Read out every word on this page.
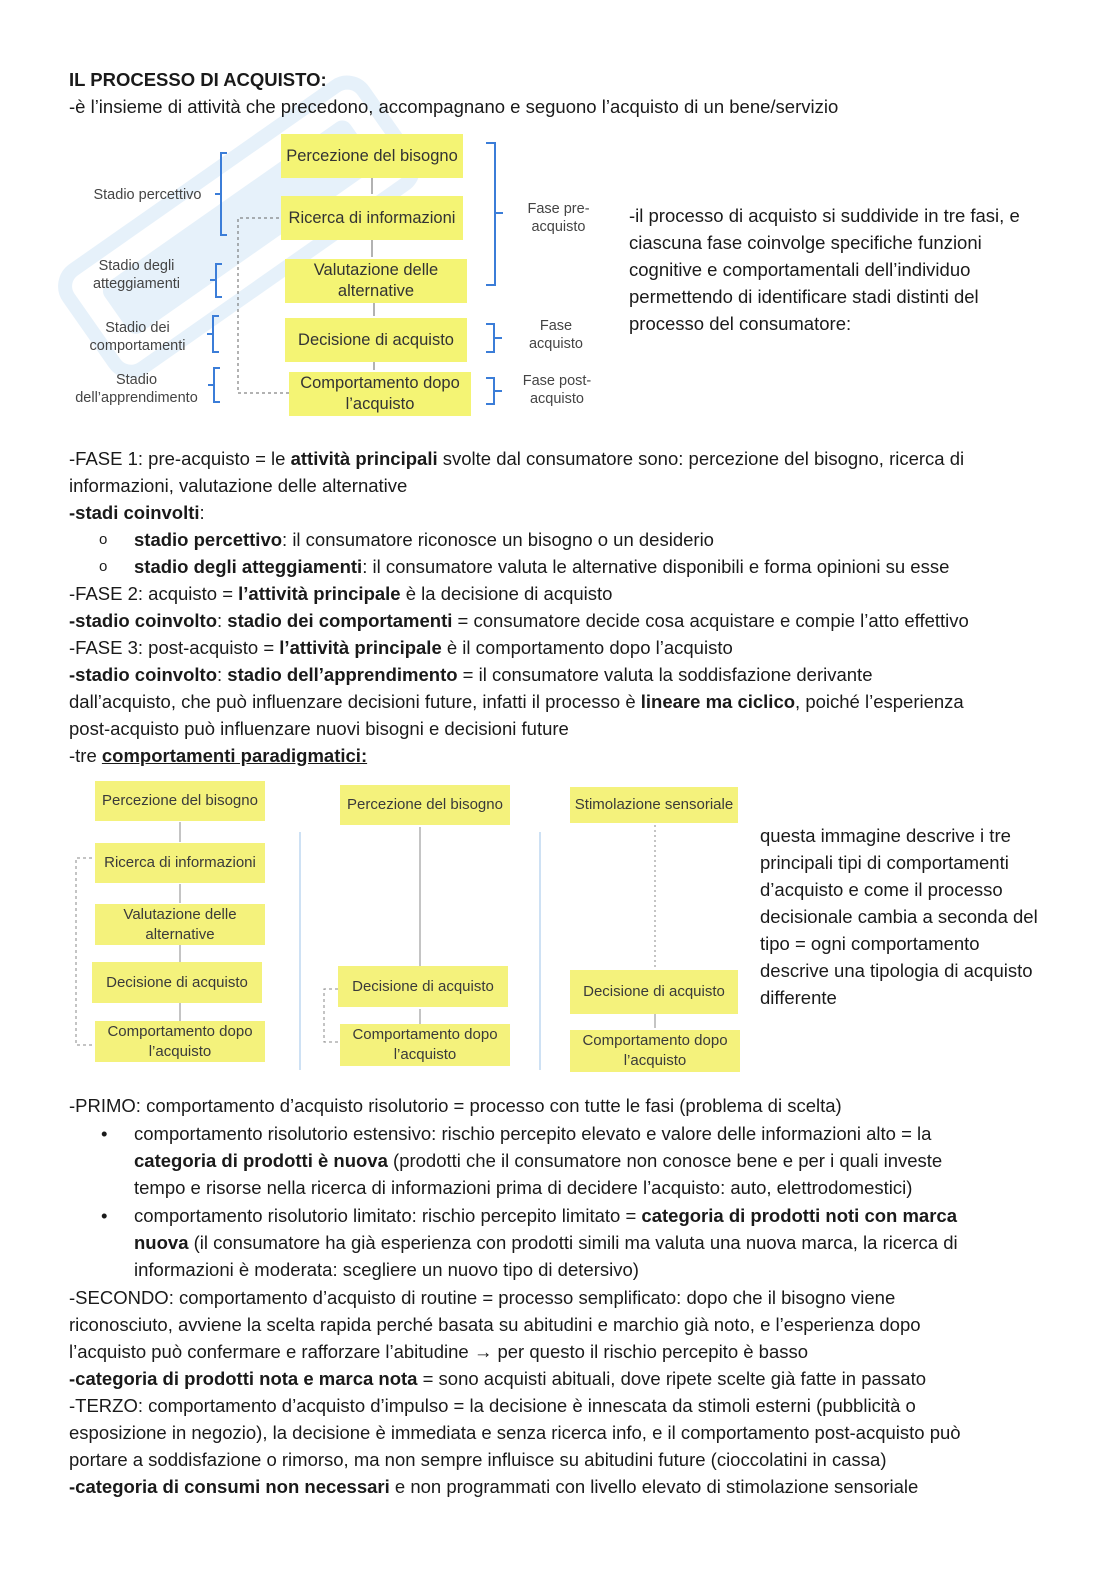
IL PROCESSO DI ACQUISTO:
-è l’insieme di attività che precedono, accompagnano e seguono l’acquisto di un bene/servizio
Percezione del bisogno
Ricerca di informazioni
Valutazione delle alternative
Decisione di acquisto
Comportamento dopo l’acquisto
Stadio percettivo
Stadio degli atteggiamenti
Stadio dei comportamenti
Stadio dell’apprendimento
Fase pre-acquisto
Fase acquisto
Fase post-acquisto
-il processo di acquisto si suddivide in tre fasi, e ciascuna fase coinvolge specifiche funzioni cognitive e comportamentali dell’individuo permettendo di identificare stadi distinti del processo del consumatore:
-FASE 1: pre-acquisto = le attività principali svolte dal consumatore sono: percezione del bisogno, ricerca di
informazioni, valutazione delle alternative
-stadi coinvolti:
o stadio percettivo: il consumatore riconosce un bisogno o un desiderio
o stadio degli atteggiamenti: il consumatore valuta le alternative disponibili e forma opinioni su esse
-FASE 2: acquisto = l’attività principale è la decisione di acquisto
-stadio coinvolto: stadio dei comportamenti = consumatore decide cosa acquistare e compie l’atto effettivo
-FASE 3: post-acquisto = l’attività principale è il comportamento dopo l’acquisto
-stadio coinvolto: stadio dell’apprendimento = il consumatore valuta la soddisfazione derivante
dall’acquisto, che può influenzare decisioni future, infatti il processo è lineare ma ciclico, poiché l’esperienza
post-acquisto può influenzare nuovi bisogni e decisioni future
-tre comportamenti paradigmatici:
Percezione del bisogno
Ricerca di informazioni
Valutazione delle alternative
Decisione di acquisto
Comportamento dopo l’acquisto
Percezione del bisogno
Decisione di acquisto
Comportamento dopo l’acquisto
Stimolazione sensoriale
Decisione di acquisto
Comportamento dopo l’acquisto
questa immagine descrive i tre principali tipi di comportamenti d’acquisto e come il processo decisionale cambia a seconda del tipo = ogni comportamento descrive una tipologia di acquisto differente
-PRIMO: comportamento d’acquisto risolutorio = processo con tutte le fasi (problema di scelta)
• comportamento risolutorio estensivo: rischio percepito elevato e valore delle informazioni alto = la
categoria di prodotti è nuova (prodotti che il consumatore non conosce bene e per i quali investe
tempo e risorse nella ricerca di informazioni prima di decidere l’acquisto: auto, elettrodomestici)
• comportamento risolutorio limitato: rischio percepito limitato = categoria di prodotti noti con marca
nuova (il consumatore ha già esperienza con prodotti simili ma valuta una nuova marca, la ricerca di
informazioni è moderata: scegliere un nuovo tipo di detersivo)
-SECONDO: comportamento d’acquisto di routine = processo semplificato: dopo che il bisogno viene
riconosciuto, avviene la scelta rapida perché basata su abitudini e marchio già noto, e l’esperienza dopo
l’acquisto può confermare e rafforzare l’abitudine → per questo il rischio percepito è basso
-categoria di prodotti nota e marca nota = sono acquisti abituali, dove ripete scelte già fatte in passato
-TERZO: comportamento d’acquisto d’impulso = la decisione è innescata da stimoli esterni (pubblicità o
esposizione in negozio), la decisione è immediata e senza ricerca info, e il comportamento post-acquisto può
portare a soddisfazione o rimorso, ma non sempre influisce su abitudini future (cioccolatini in cassa)
-categoria di consumi non necessari e non programmati con livello elevato di stimolazione sensoriale
